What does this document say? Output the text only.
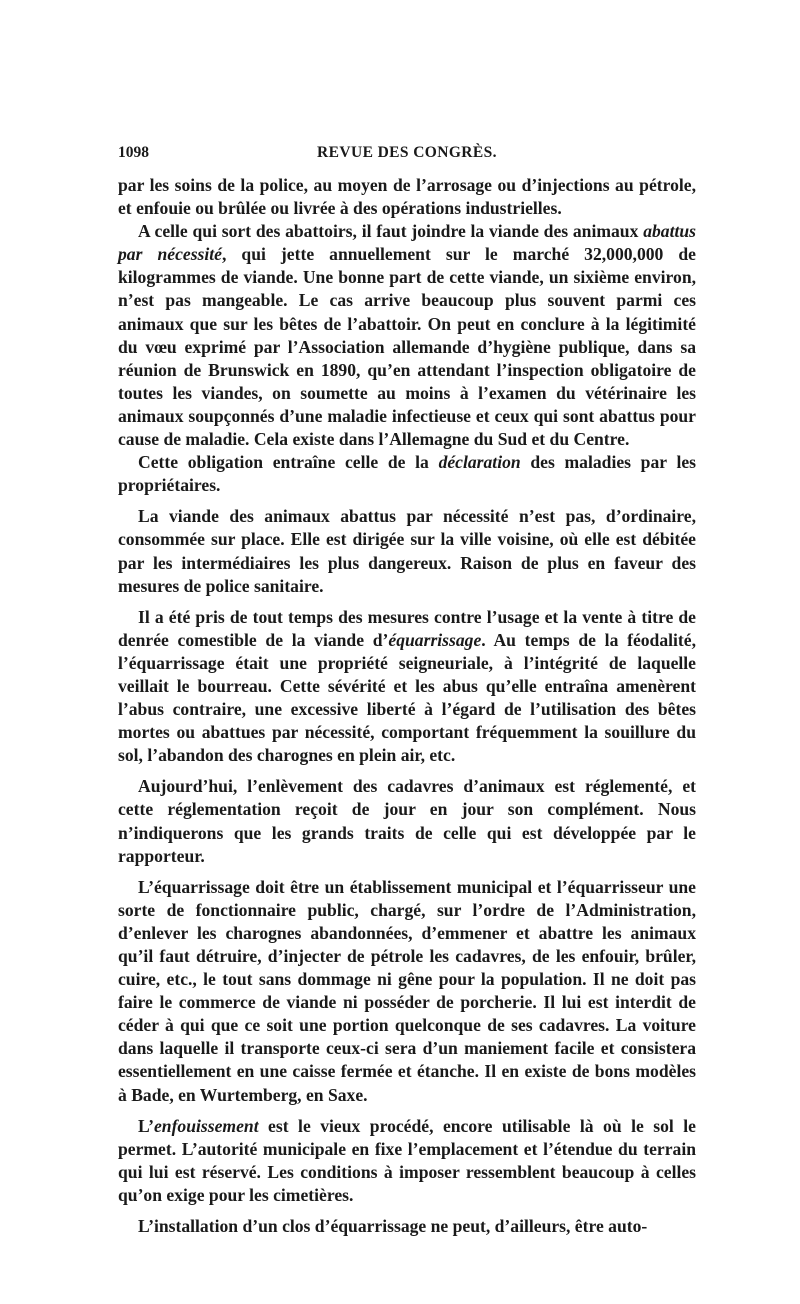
1098	REVUE DES CONGRÈS.

par les soins de la police, au moyen de l’arrosage ou d’injections au pétrole, et enfouie ou brûlée ou livrée à des opérations industrielles.

A celle qui sort des abattoirs, il faut joindre la viande des animaux abattus par nécessité, qui jette annuellement sur le marché 32,000,000 de kilogrammes de viande. Une bonne part de cette viande, un sixième environ, n’est pas mangeable. Le cas arrive beaucoup plus souvent parmi ces animaux que sur les bêtes de l’abattoir. On peut en conclure à la légitimité du vœu exprimé par l’Association allemande d’hygiène publique, dans sa réunion de Brunswick en 1890, qu’en attendant l’inspection obligatoire de toutes les viandes, on soumette au moins à l’examen du vétérinaire les animaux soupçonnés d’une maladie infectieuse et ceux qui sont abattus pour cause de maladie. Cela existe dans l’Allemagne du Sud et du Centre.

Cette obligation entraîne celle de la déclaration des maladies par les propriétaires.

La viande des animaux abattus par nécessité n’est pas, d’ordinaire, consommée sur place. Elle est dirigée sur la ville voisine, où elle est débitée par les intermédiaires les plus dangereux. Raison de plus en faveur des mesures de police sanitaire.

Il a été pris de tout temps des mesures contre l’usage et la vente à titre de denrée comestible de la viande d’équarrissage. Au temps de la féodalité, l’équarrissage était une propriété seigneuriale, à l’intégrité de laquelle veillait le bourreau. Cette sévérité et les abus qu’elle entraîna amenèrent l’abus contraire, une excessive liberté à l’égard de l’utilisation des bêtes mortes ou abattues par nécessité, comportant fréquemment la souillure du sol, l’abandon des charognes en plein air, etc.

Aujourd’hui, l’enlèvement des cadavres d’animaux est réglementé, et cette réglementation reçoit de jour en jour son complément. Nous n’indiquerons que les grands traits de celle qui est développée par le rapporteur.

L’équarrissage doit être un établissement municipal et l’équarrisseur une sorte de fonctionnaire public, chargé, sur l’ordre de l’Administration, d’enlever les charognes abandonnées, d’emmener et abattre les animaux qu’il faut détruire, d’injecter de pétrole les cadavres, de les enfouir, brûler, cuire, etc., le tout sans dommage ni gêne pour la population. Il ne doit pas faire le commerce de viande ni posséder de porcherie. Il lui est interdit de céder à qui que ce soit une portion quelconque de ses cadavres. La voiture dans laquelle il transporte ceux-ci sera d’un maniement facile et consistera essentiellement en une caisse fermée et étanche. Il en existe de bons modèles à Bade, en Wurtemberg, en Saxe.

L’enfouissement est le vieux procédé, encore utilisable là où le sol le permet. L’autorité municipale en fixe l’emplacement et l’étendue du terrain qui lui est réservé. Les conditions à imposer ressemblent beaucoup à celles qu’on exige pour les cimetières.

L’installation d’un clos d’équarrissage ne peut, d’ailleurs, être auto-
